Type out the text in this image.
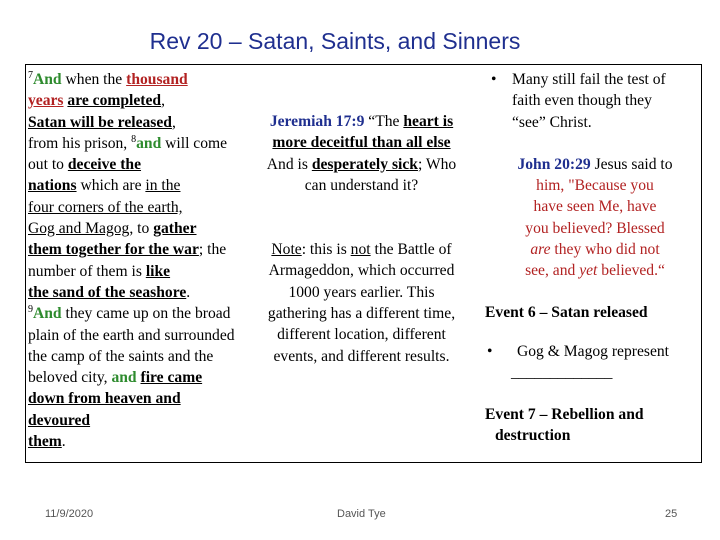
Rev 20 – Satan, Saints, and Sinners

$^7$And when the thousand
years are completed,
Satan will be released,
from his prison, $^8$and will come out to deceive the
nations which are in the
four corners of the earth,
Gog and Magog, to gather
them together for the war; the number of them is like
the sand of the seashore.
$^9$And they came up on the broad plain of the earth and surrounded the camp of the saints and the beloved city, and fire came down from heaven and devoured
them.

Jeremiah 17:9 “The heart is
more deceitful than all else
And is desperately sick; Who
can understand it?

Note: this is not the Battle of
Armageddon, which occurred
1000 years earlier. This
gathering has a different time,
different location, different
events, and different results.

• Many still fail the test of
faith even though they
“see” Christ.

John 20:29 Jesus said to
him, "Because you
have seen Me, have
you believed? Blessed
are they who did not
see, and yet believed.“

Event 6 – Satan released

• Gog & Magog represent
_____________

Event 7 – Rebellion and
destruction

11/9/2020	David Tye	25
